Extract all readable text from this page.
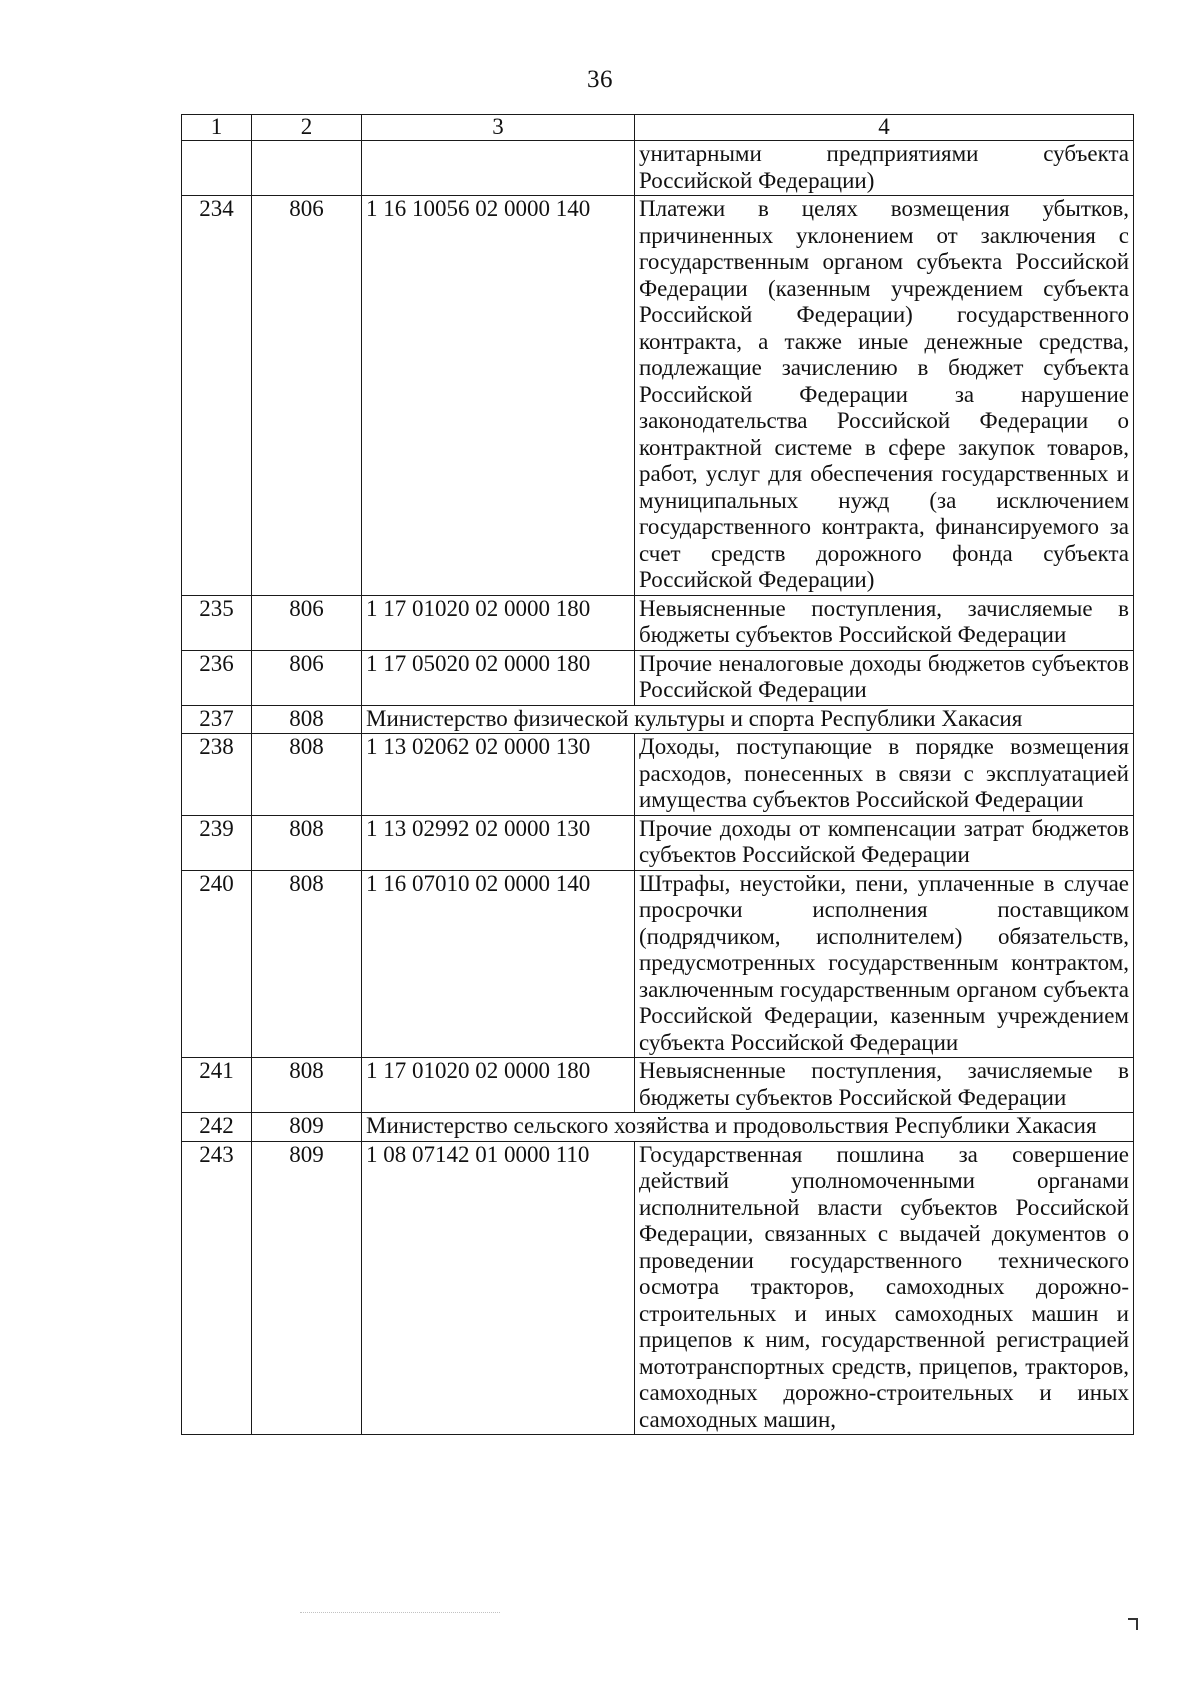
36
1	2	3	4
			унитарными предприятиями субъекта Российской Федерации)
234	806	1 16 10056 02 0000 140	Платежи в целях возмещения убытков, причиненных уклонением от заключения с государственным органом субъекта Российской Федерации (казенным учреждением субъекта Российской Федерации) государственного контракта, а также иные денежные средства, подлежащие зачислению в бюджет субъекта Российской Федерации за нарушение законодательства Российской Федерации о контрактной системе в сфере закупок товаров, работ, услуг для обеспечения государственных и муниципальных нужд (за исключением государственного контракта, финансируемого за счет средств дорожного фонда субъекта Российской Федерации)
235	806	1 17 01020 02 0000 180	Невыясненные поступления, зачисляемые в бюджеты субъектов Российской Федерации
236	806	1 17 05020 02 0000 180	Прочие неналоговые доходы бюджетов субъектов Российской Федерации
237	808	Министерство физической культуры и спорта Республики Хакасия	
238	808	1 13 02062 02 0000 130	Доходы, поступающие в порядке возмещения расходов, понесенных в связи с эксплуатацией имущества субъектов Российской Федерации
239	808	1 13 02992 02 0000 130	Прочие доходы от компенсации затрат бюджетов субъектов Российской Федерации
240	808	1 16 07010 02 0000 140	Штрафы, неустойки, пени, уплаченные в случае просрочки исполнения поставщиком (подрядчиком, исполнителем) обязательств, предусмотренных государственным контрактом, заключенным государственным органом субъекта Российской Федерации, казенным учреждением субъекта Российской Федерации
241	808	1 17 01020 02 0000 180	Невыясненные поступления, зачисляемые в бюджеты субъектов Российской Федерации
242	809	Министерство сельского хозяйства и продовольствия Республики Хакасия	
243	809	1 08 07142 01 0000 110	Государственная пошлина за совершение действий уполномоченными органами исполнительной власти субъектов Российской Федерации, связанных с выдачей документов о проведении государственного технического осмотра тракторов, самоходных дорожно-строительных и иных самоходных машин и прицепов к ним, государственной регистрацией мототранспортных средств, прицепов, тракторов, самоходных дорожно-строительных и иных самоходных машин,
